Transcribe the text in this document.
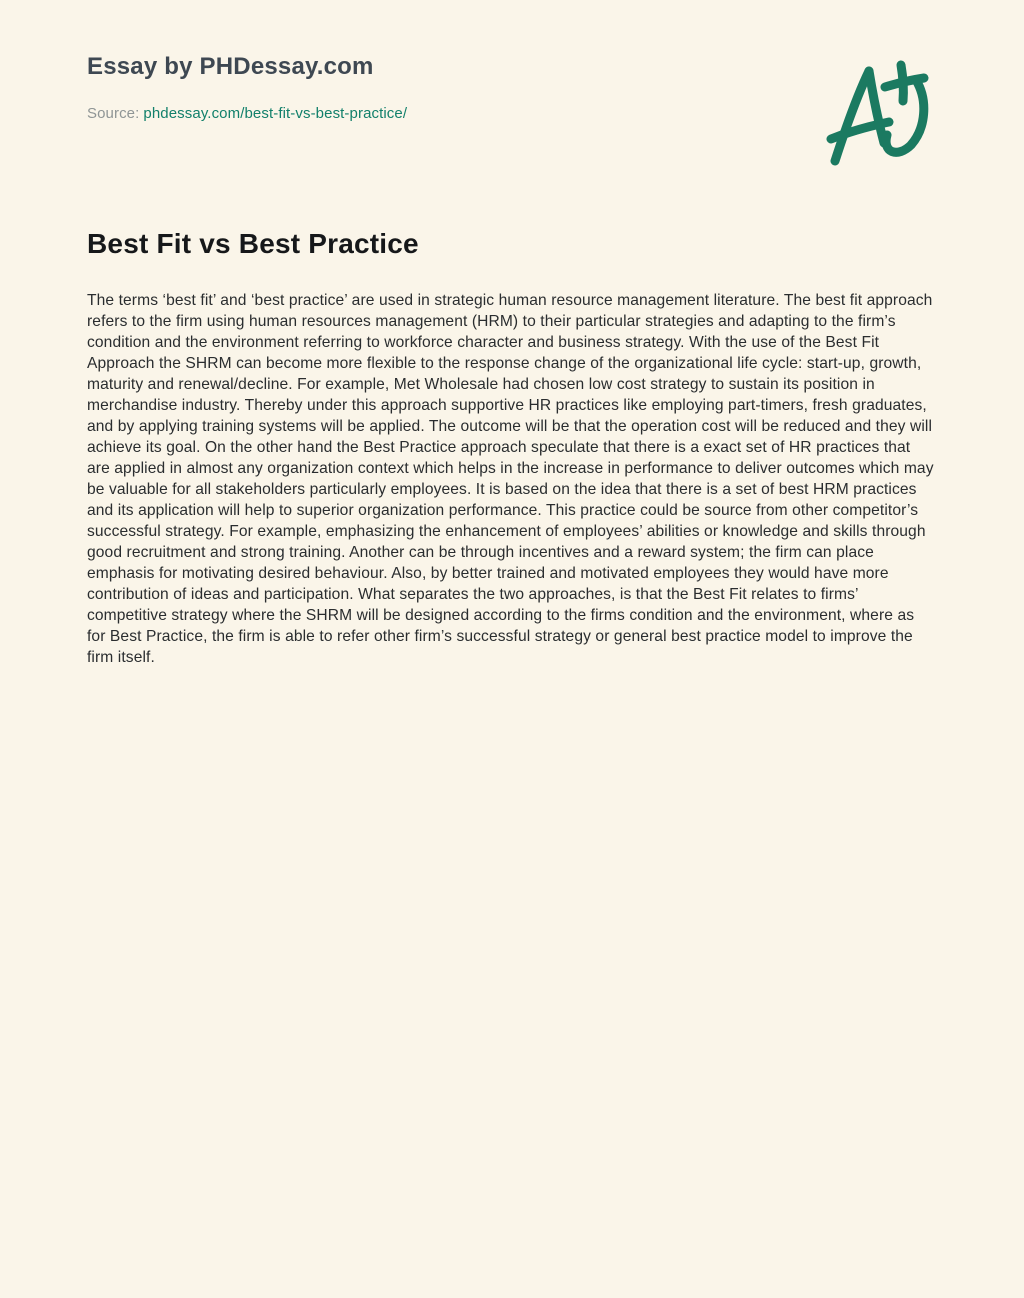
Essay by PHDessay.com
Source: phdessay.com/best-fit-vs-best-practice/
Best Fit vs Best Practice

The terms ‘best fit’ and ‘best practice’ are used in strategic human resource management literature. The best fit approach refers to the firm using human resources management (HRM) to their particular strategies and adapting to the firm’s condition and the environment referring to workforce character and business strategy. With the use of the Best Fit Approach the SHRM can become more flexible to the response change of the organizational life cycle: start-up, growth, maturity and renewal/decline. For example, Met Wholesale had chosen low cost strategy to sustain its position in merchandise industry. Thereby under this approach supportive HR practices like employing part-timers, fresh graduates, and by applying training systems will be applied. The outcome will be that the operation cost will be reduced and they will achieve its goal. On the other hand the Best Practice approach speculate that there is a exact set of HR practices that are applied in almost any organization context which helps in the increase in performance to deliver outcomes which may be valuable for all stakeholders particularly employees. It is based on the idea that there is a set of best HRM practices and its application will help to superior organization performance. This practice could be source from other competitor’s successful strategy. For example, emphasizing the enhancement of employees’ abilities or knowledge and skills through good recruitment and strong training. Another can be through incentives and a reward system; the firm can place emphasis for motivating desired behaviour. Also, by better trained and motivated employees they would have more contribution of ideas and participation. What separates the two approaches, is that the Best Fit relates to firms’ competitive strategy where the SHRM will be designed according to the firms condition and the environment, where as for Best Practice, the firm is able to refer other firm’s successful strategy or general best practice model to improve the firm itself.
